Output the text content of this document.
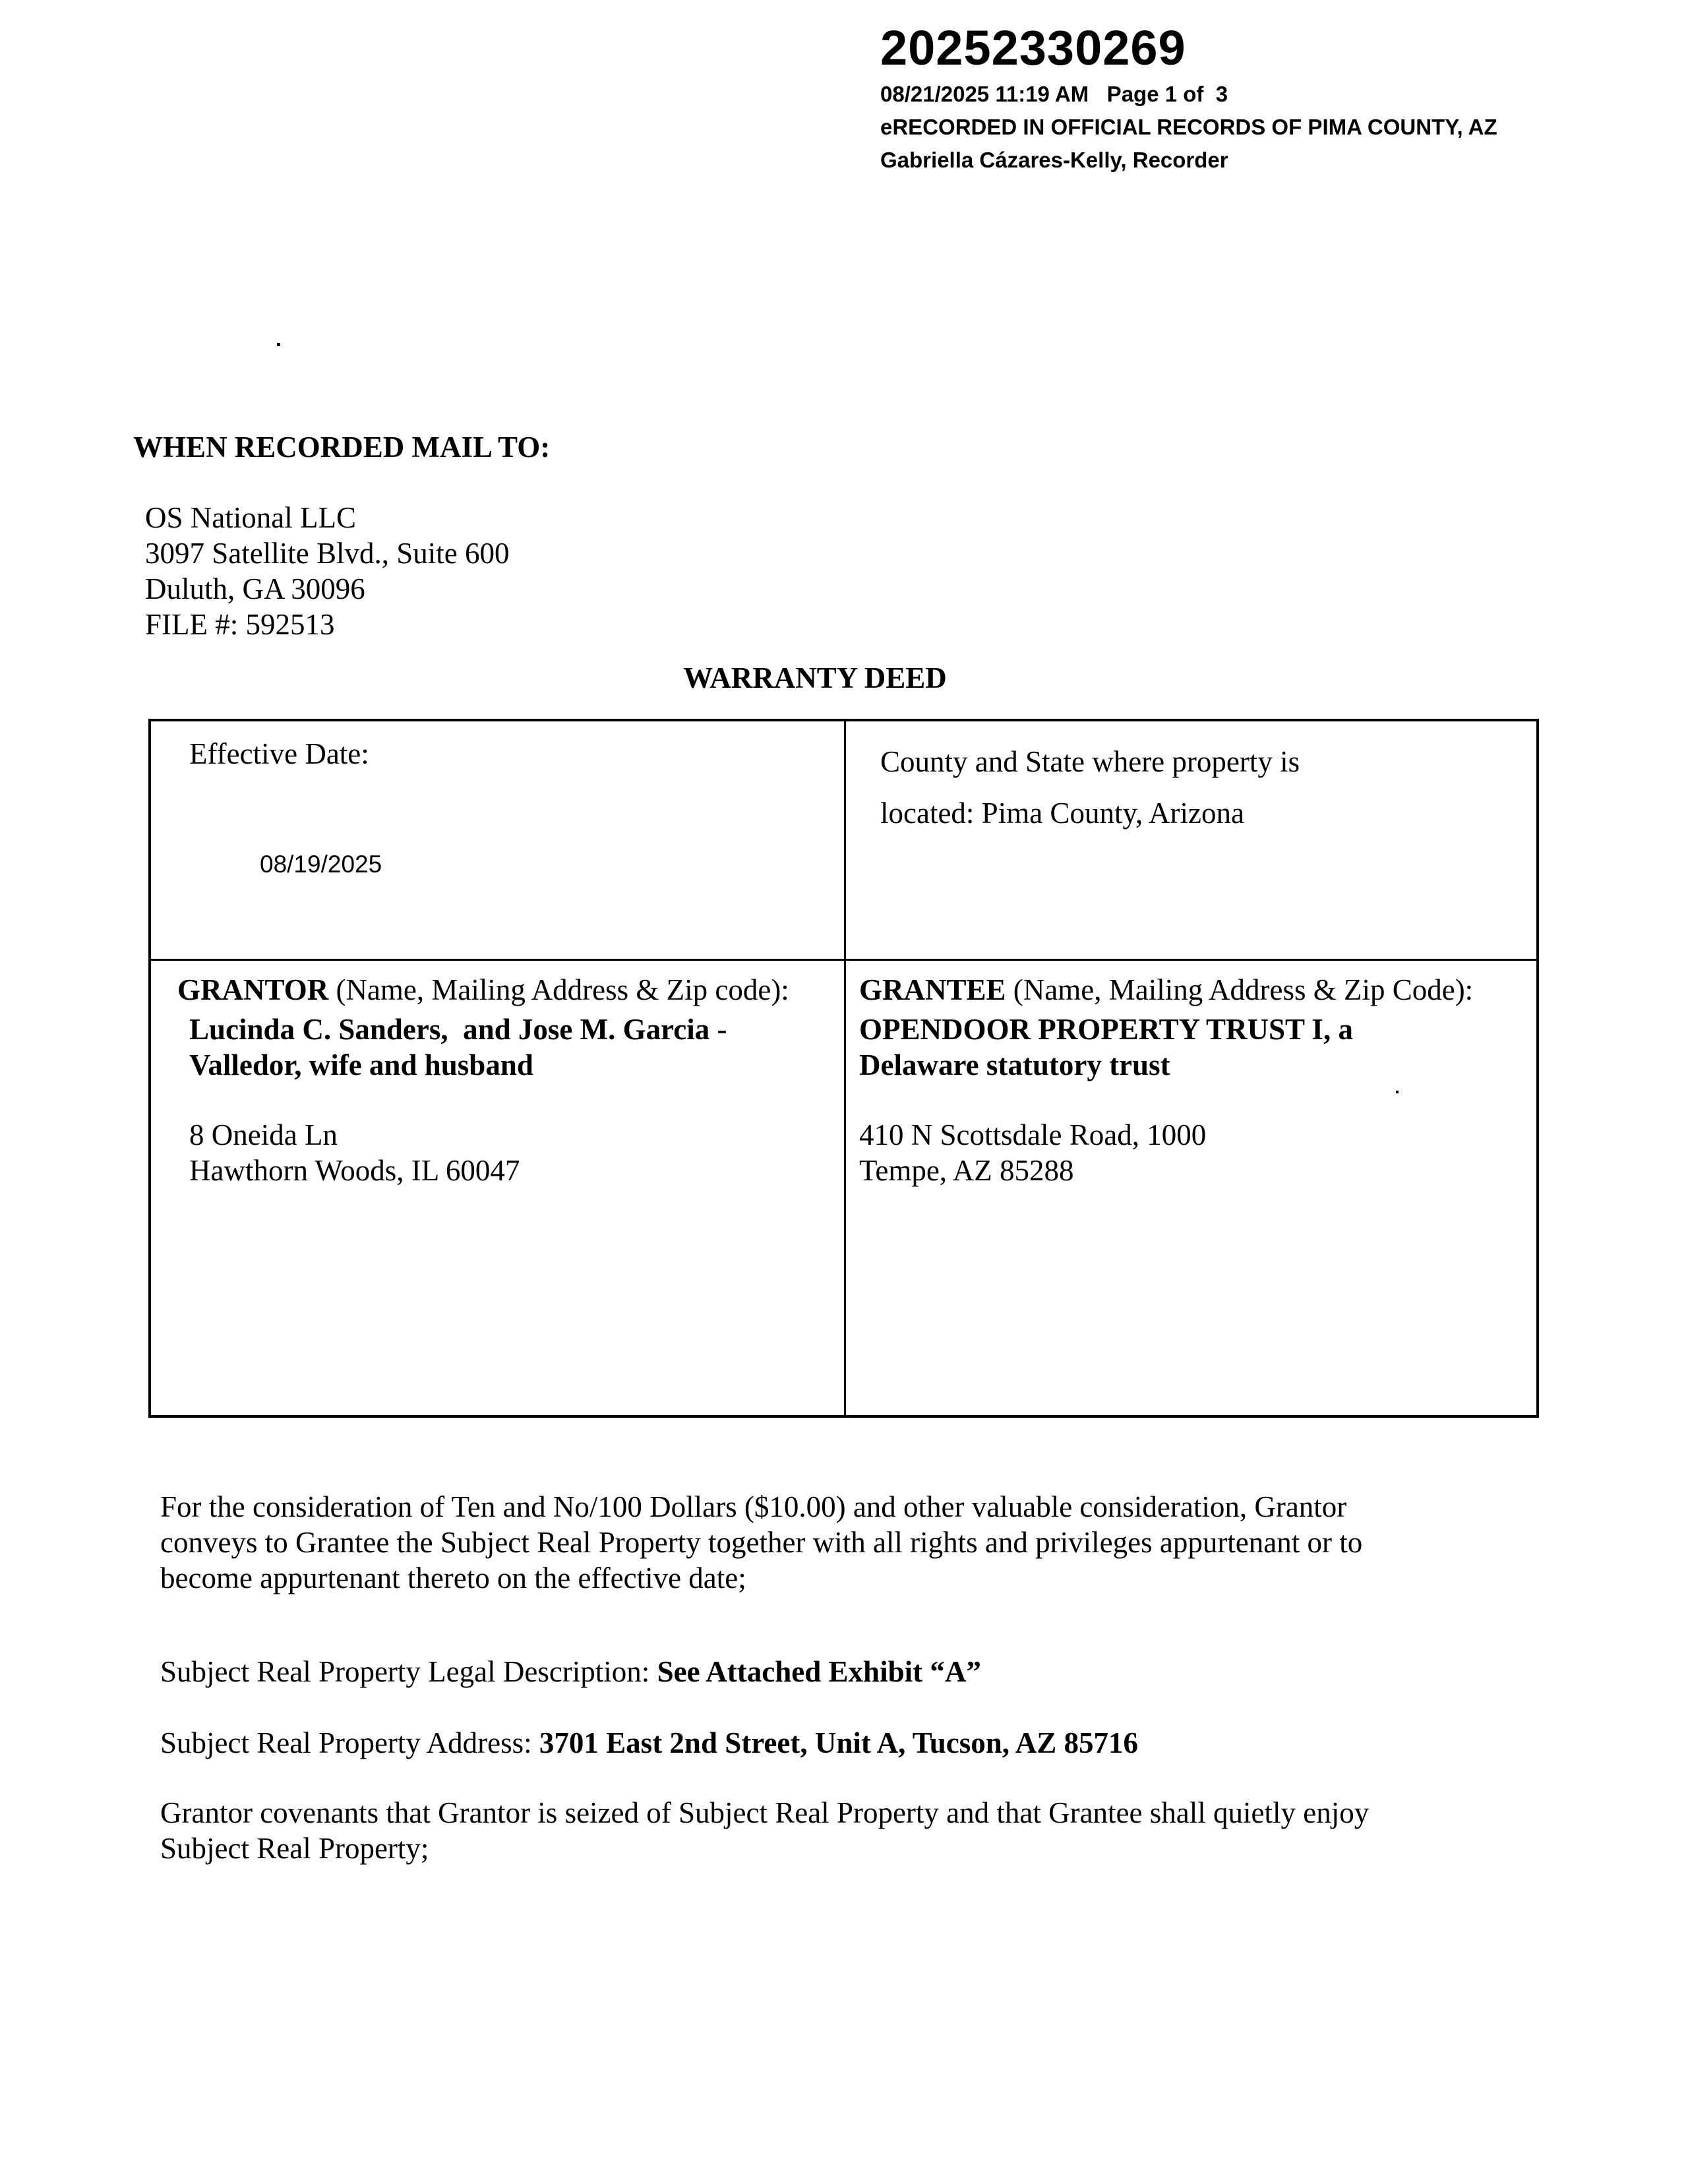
20252330269
08/21/2025 11:19 AM   Page 1 of  3
eRECORDED IN OFFICIAL RECORDS OF PIMA COUNTY, AZ
Gabriella Cázares-Kelly, Recorder
WHEN RECORDED MAIL TO:
OS National LLC
3097 Satellite Blvd., Suite 600
Duluth, GA 30096
FILE #: 592513
WARRANTY DEED
Effective Date:
08/19/2025
County and State where property is
located: Pima County, Arizona
GRANTOR (Name, Mailing Address & Zip code): GRANTEE (Name, Mailing Address & Zip Code):
Lucinda C. Sanders,  and Jose M. Garcia -
Valledor, wife and husband
OPENDOOR PROPERTY TRUST I, a
Delaware statutory trust
8 Oneida Ln
Hawthorn Woods, IL 60047
410 N Scottsdale Road, 1000
Tempe, AZ 85288
For the consideration of Ten and No/100 Dollars ($10.00) and other valuable consideration, Grantor
conveys to Grantee the Subject Real Property together with all rights and privileges appurtenant or to
become appurtenant thereto on the effective date;
Subject Real Property Legal Description: See Attached Exhibit “A”
Subject Real Property Address: 3701 East 2nd Street, Unit A, Tucson, AZ 85716
Grantor covenants that Grantor is seized of Subject Real Property and that Grantee shall quietly enjoy
Subject Real Property;
